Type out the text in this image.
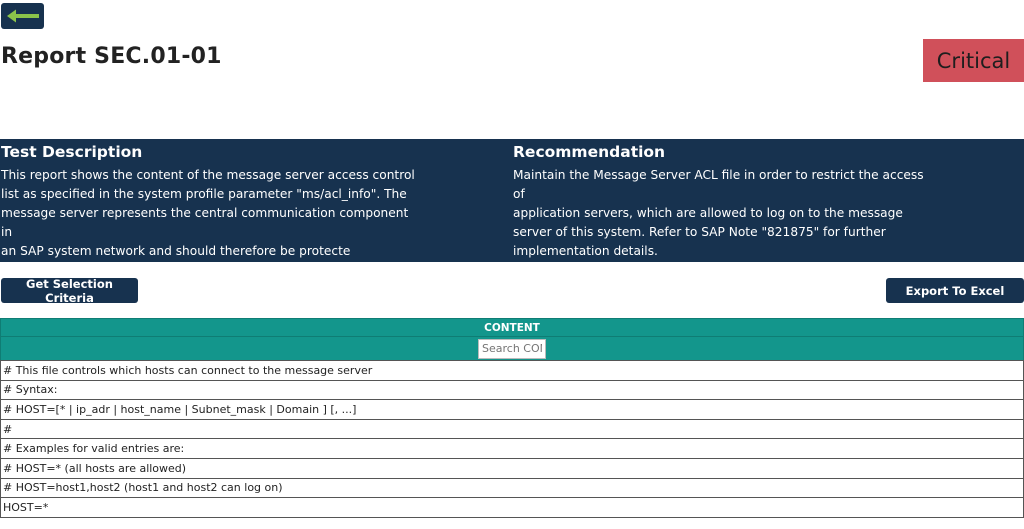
Report SEC.01-01	Critical
Test Description

This report shows the content of the message server access control
list as specified in the system profile parameter "ms/acl_info". The
message server represents the central communication component in
an SAP system network and should therefore be protecte

Recommendation

Maintain the Message Server ACL file in order to restrict the access of
application servers, which are allowed to log on to the message
server of this system. Refer to SAP Note "821875" for further
implementation details.

Get Selection Criteria	Export To Excel
CONTENT
Search CONTENT
# This file controls which hosts can connect to the message server
# Syntax:
# HOST=[* | ip_adr | host_name | Subnet_mask | Domain ] [, ...]
#
# Examples for valid entries are:
# HOST=* (all hosts are allowed)
# HOST=host1,host2 (host1 and host2 can log on)
HOST=*
